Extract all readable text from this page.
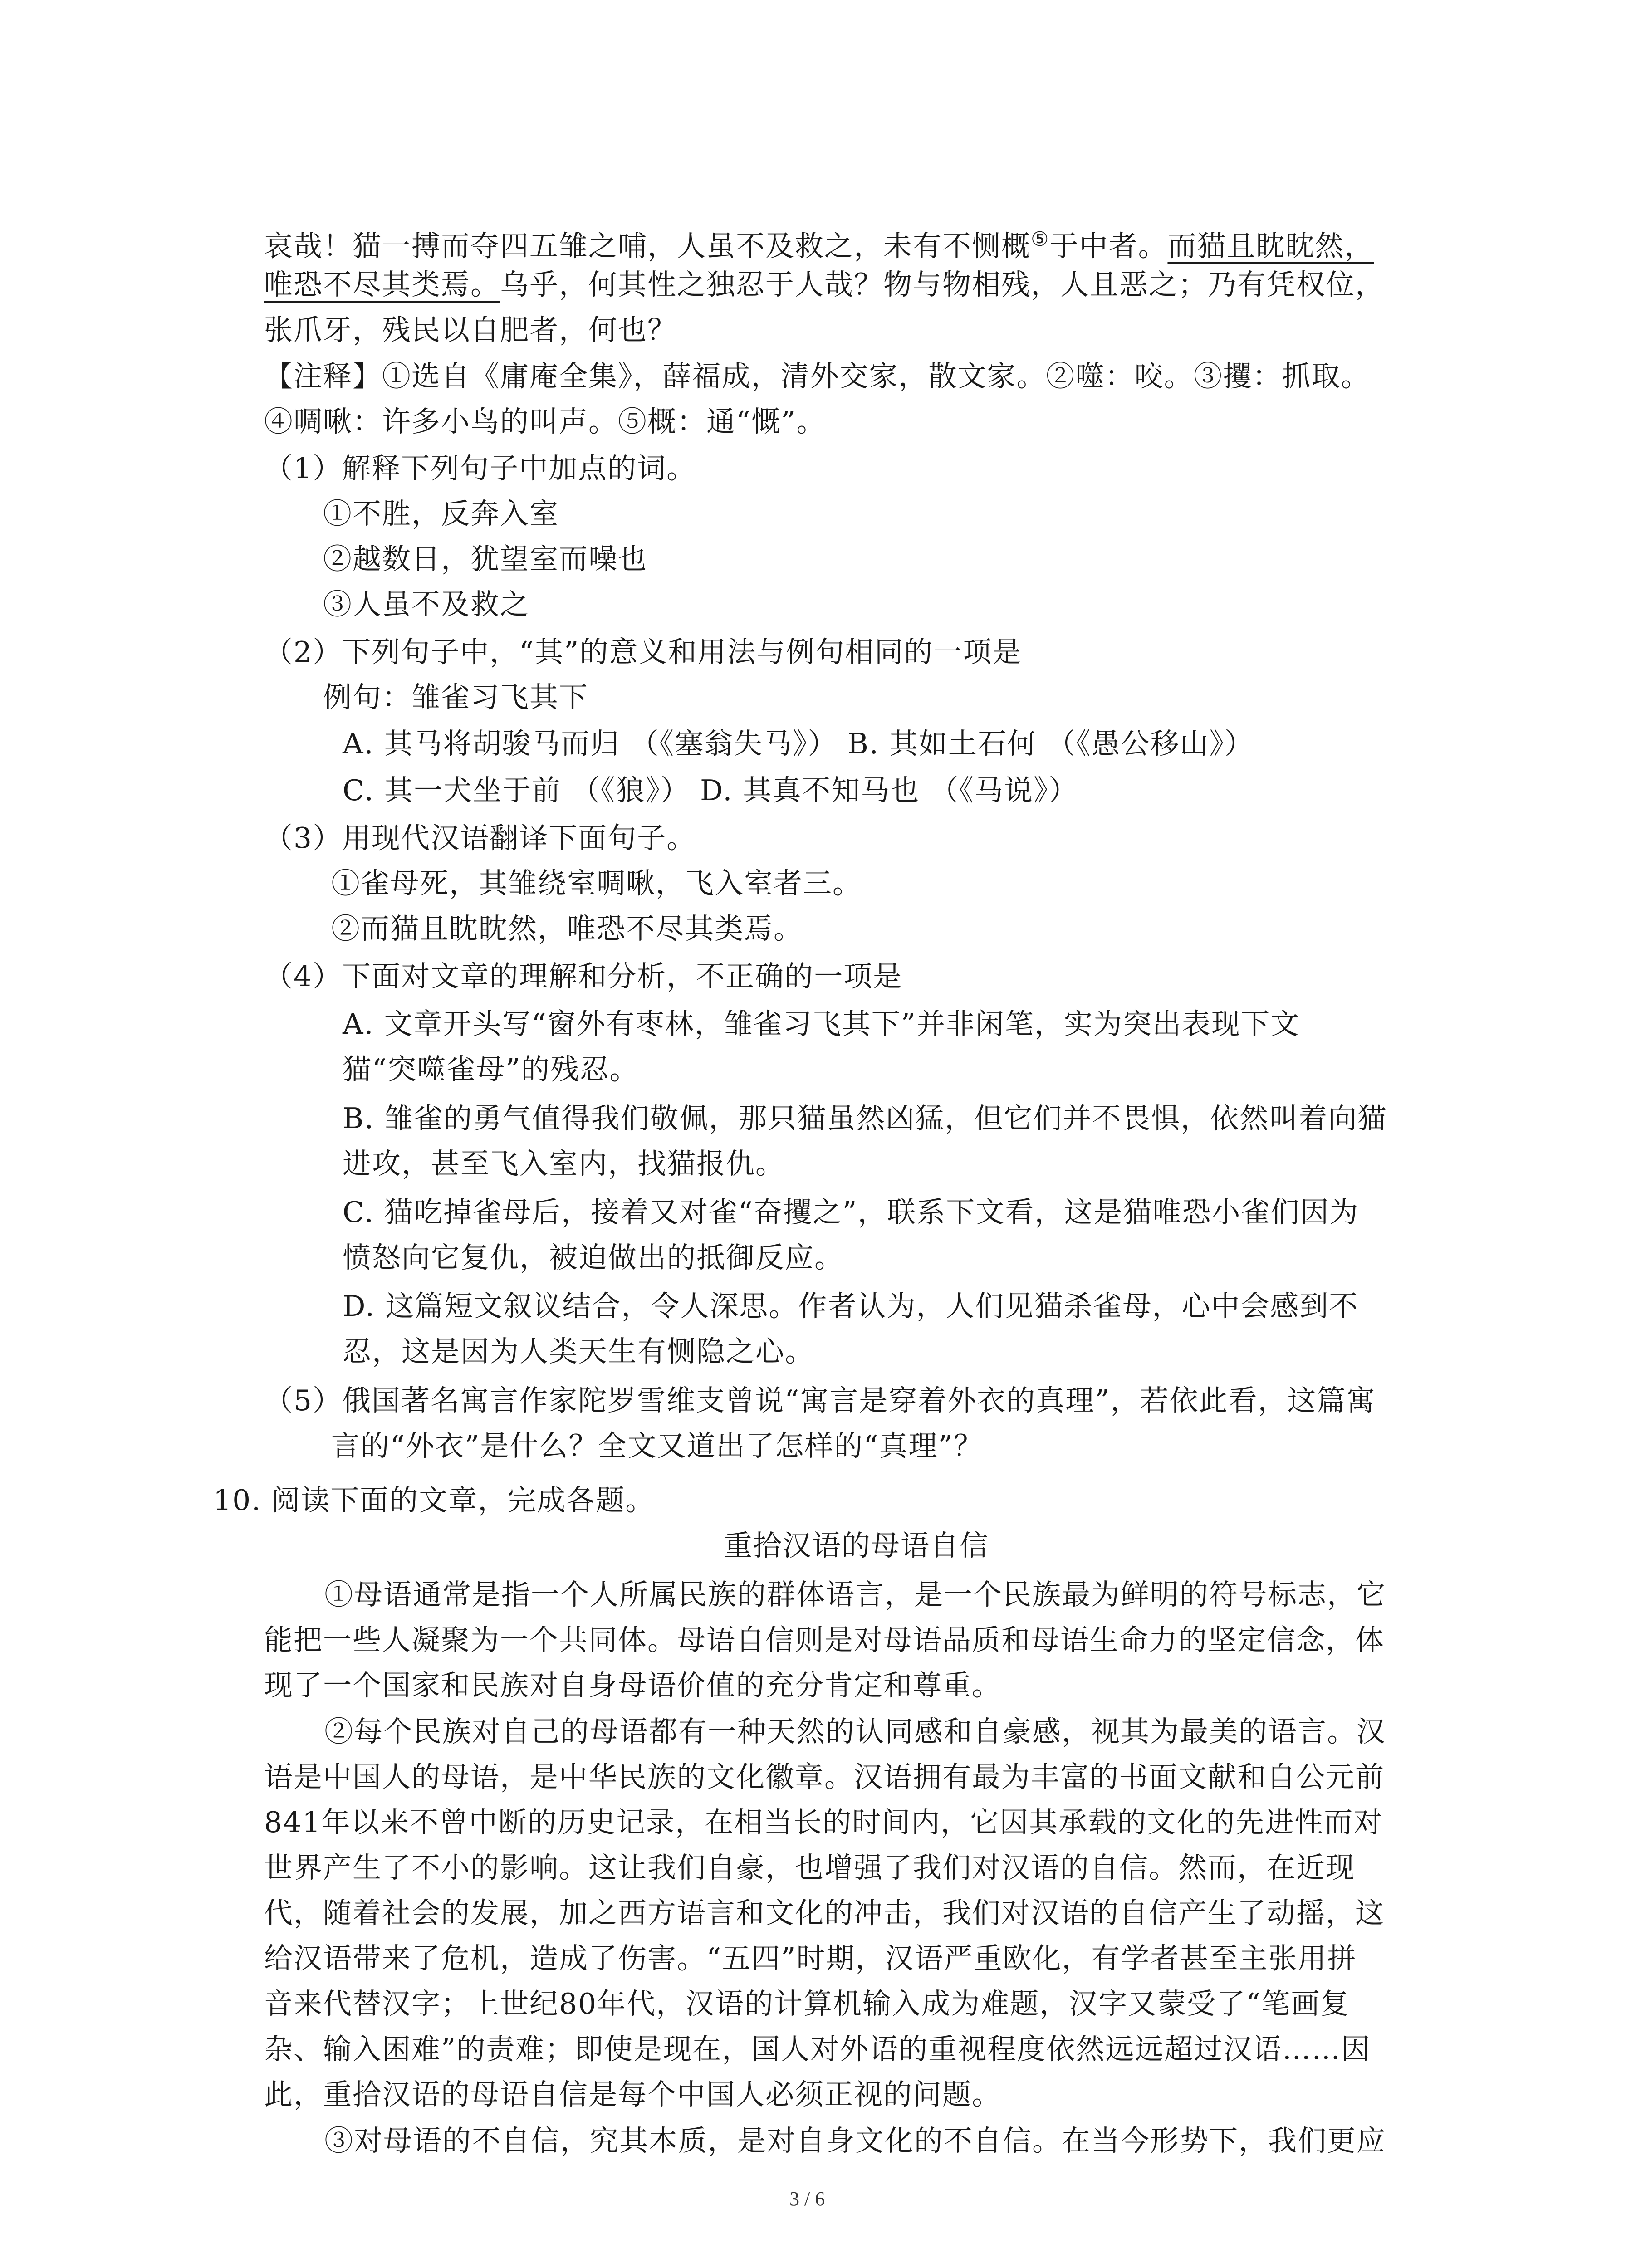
哀哉！猫一搏而夺四五雏之哺，人虽不及救之，未有不恻概⑤于中者。而猫且眈眈然，
唯恐不尽其类焉。乌乎，何其性之独忍于人哉？物与物相残，人且恶之；乃有凭权位，
张爪牙，残民以自肥者，何也？
【注释】①选自《庸庵全集》，薛福成，清外交家，散文家。②噬：咬。③攫：抓取。
④啁啾：许多小鸟的叫声。⑤概：通“慨”。
（1）解释下列句子中加点的词。
①不胜，反奔入室
②越数日，犹望室而噪也
③人虽不及救之
（2）下列句子中，“其”的意义和用法与例句相同的一项是
例句：雏雀习飞其下
A. 其马将胡骏马而归 （《塞翁失马》） B. 其如土石何 （《愚公移山》）
C. 其一犬坐于前 （《狼》） D. 其真不知马也 （《马说》）
（3）用现代汉语翻译下面句子。
①雀母死，其雏绕室啁啾，飞入室者三。
②而猫且眈眈然，唯恐不尽其类焉。
（4）下面对文章的理解和分析，不正确的一项是
A. 文章开头写“窗外有枣林，雏雀习飞其下”并非闲笔，实为突出表现下文
猫“突噬雀母”的残忍。
B. 雏雀的勇气值得我们敬佩，那只猫虽然凶猛，但它们并不畏惧，依然叫着向猫
进攻，甚至飞入室内，找猫报仇。
C. 猫吃掉雀母后，接着又对雀“奋攫之”，联系下文看，这是猫唯恐小雀们因为
愤怒向它复仇，被迫做出的抵御反应。
D. 这篇短文叙议结合，令人深思。作者认为，人们见猫杀雀母，心中会感到不
忍，这是因为人类天生有恻隐之心。
（5）俄国著名寓言作家陀罗雪维支曾说“寓言是穿着外衣的真理”，若依此看，这篇寓
言的“外衣”是什么？全文又道出了怎样的“真理”？
10. 阅读下面的文章，完成各题。
重拾汉语的母语自信
①母语通常是指一个人所属民族的群体语言，是一个民族最为鲜明的符号标志，它
能把一些人凝聚为一个共同体。母语自信则是对母语品质和母语生命力的坚定信念，体
现了一个国家和民族对自身母语价值的充分肯定和尊重。
②每个民族对自己的母语都有一种天然的认同感和自豪感，视其为最美的语言。汉
语是中国人的母语，是中华民族的文化徽章。汉语拥有最为丰富的书面文献和自公元前
841年以来不曾中断的历史记录，在相当长的时间内，它因其承载的文化的先进性而对
世界产生了不小的影响。这让我们自豪，也增强了我们对汉语的自信。然而，在近现
代，随着社会的发展，加之西方语言和文化的冲击，我们对汉语的自信产生了动摇，这
给汉语带来了危机，造成了伤害。“五四”时期，汉语严重欧化，有学者甚至主张用拼
音来代替汉字；上世纪80年代，汉语的计算机输入成为难题，汉字又蒙受了“笔画复
杂、输入困难”的责难；即使是现在，国人对外语的重视程度依然远远超过汉语……因
此，重拾汉语的母语自信是每个中国人必须正视的问题。
③对母语的不自信，究其本质，是对自身文化的不自信。在当今形势下，我们更应
3 / 6
